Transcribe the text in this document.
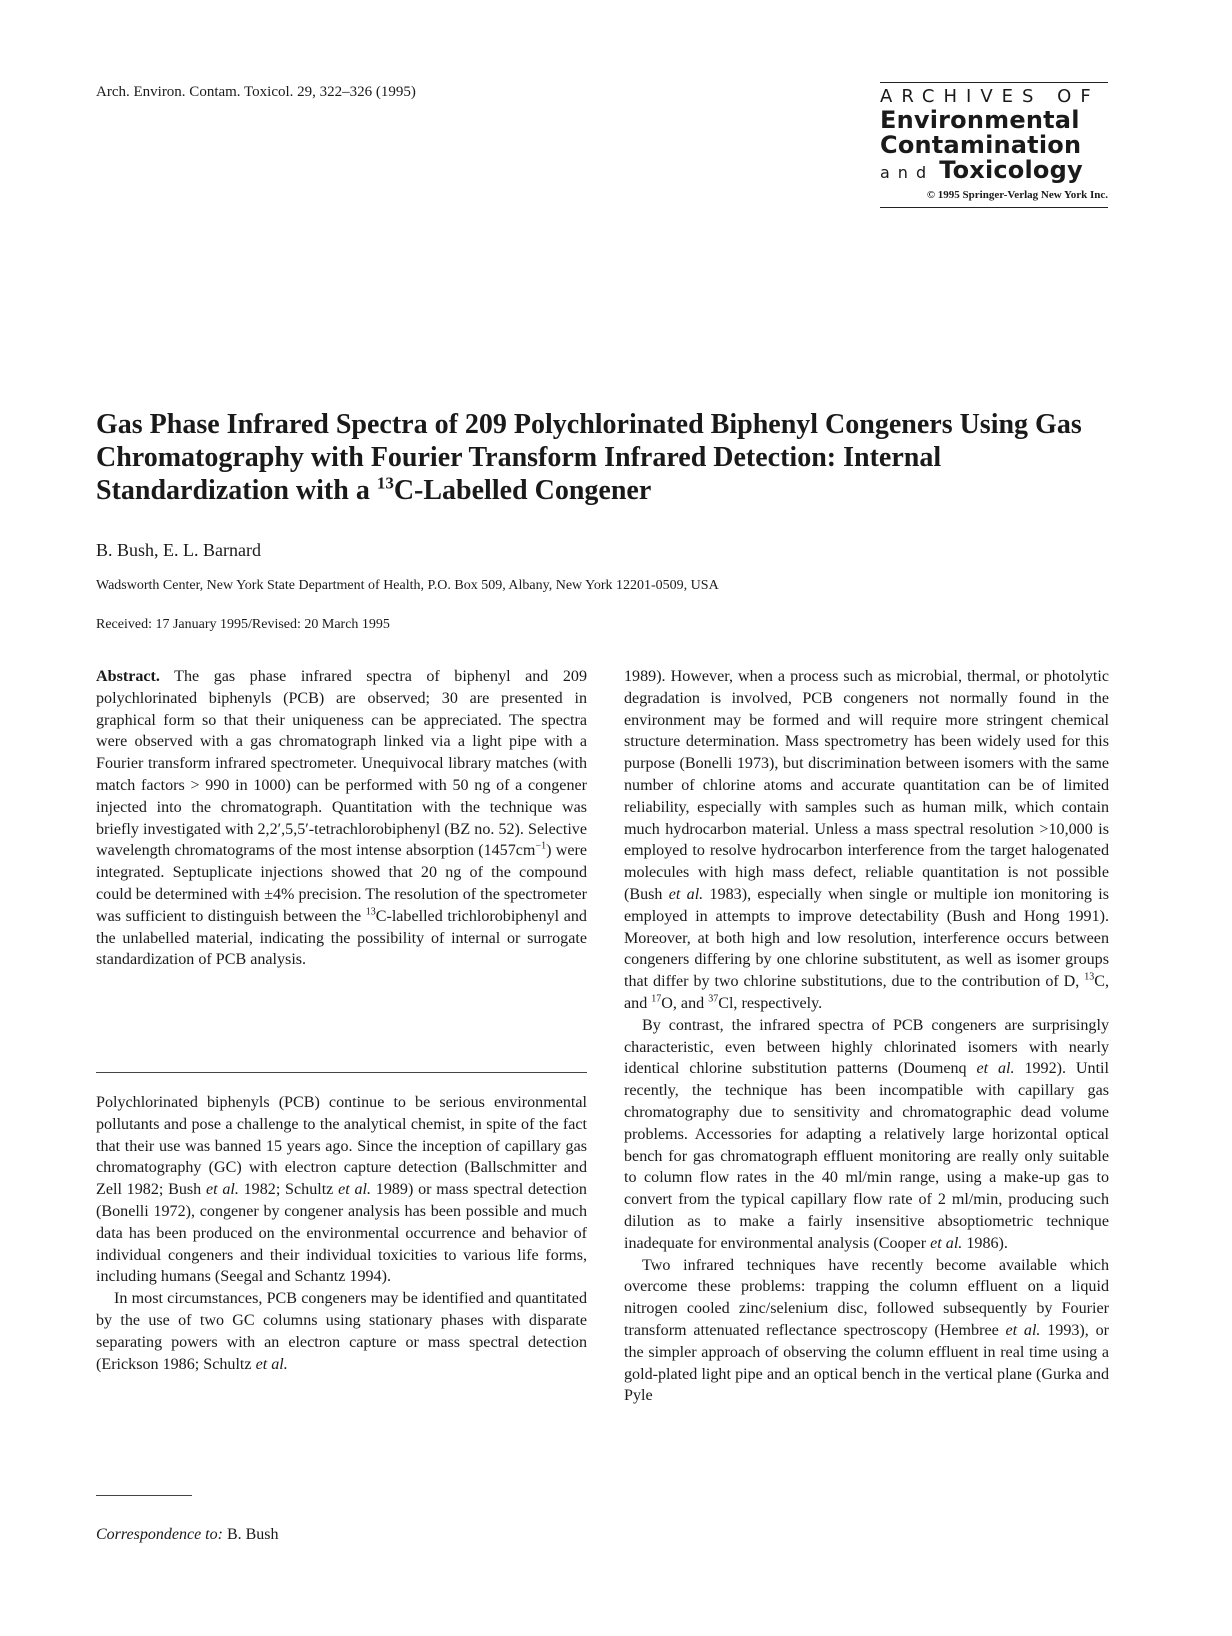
Arch. Environ. Contam. Toxicol. 29, 322–326 (1995)	ARCHIVES OF
Environmental
Contamination
and Toxicology
© 1995 Springer-Verlag New York Inc.
Gas Phase Infrared Spectra of 209 Polychlorinated Biphenyl Congeners Using Gas Chromatography with Fourier Transform Infrared Detection: Internal Standardization with a $^{13}$C-Labelled Congener
B. Bush, E. L. Barnard
Wadsworth Center, New York State Department of Health, P.O. Box 509, Albany, New York 12201-0509, USA
Received: 17 January 1995/Revised: 20 March 1995

Abstract. The gas phase infrared spectra of biphenyl and 209 polychlorinated biphenyls (PCB) are observed; 30 are presented in graphical form so that their uniqueness can be appreciated. The spectra were observed with a gas chromatograph linked via a light pipe with a Fourier transform infrared spectrometer. Unequivocal library matches (with match factors > 990 in 1000) can be performed with 50 ng of a congener injected into the chromatograph. Quantitation with the technique was briefly investigated with 2,2′,5,5′-tetrachlorobiphenyl (BZ no. 52). Selective wavelength chromatograms of the most intense absorption $(1457cm^{-1})$ were integrated. Septuplicate injections showed that 20 ng of the compound could be determined with ±4% precision. The resolution of the spectrometer was sufficient to distinguish between the $^{13}$C-labelled trichlorobiphenyl and the unlabelled material, indicating the possibility of internal or surrogate standardization of PCB analysis.

Polychlorinated biphenyls (PCB) continue to be serious environmental pollutants and pose a challenge to the analytical chemist, in spite of the fact that their use was banned 15 years ago. Since the inception of capillary gas chromatography (GC) with electron capture detection (Ballschmitter and Zell 1982; Bush et al. 1982; Schultz et al. 1989) or mass spectral detection (Bonelli 1972), congener by congener analysis has been possible and much data has been produced on the environmental occurrence and behavior of individual congeners and their individual toxicities to various life forms, including humans (Seegal and Schantz 1994).

In most circumstances, PCB congeners may be identified and quantitated by the use of two GC columns using stationary phases with disparate separating powers with an electron capture or mass spectral detection (Erickson 1986; Schultz et al.

1989). However, when a process such as microbial, thermal, or photolytic degradation is involved, PCB congeners not normally found in the environment may be formed and will require more stringent chemical structure determination. Mass spectrometry has been widely used for this purpose (Bonelli 1973), but discrimination between isomers with the same number of chlorine atoms and accurate quantitation can be of limited reliability, especially with samples such as human milk, which contain much hydrocarbon material. Unless a mass spectral resolution >10,000 is employed to resolve hydrocarbon interference from the target halogenated molecules with high mass defect, reliable quantitation is not possible (Bush et al. 1983), especially when single or multiple ion monitoring is employed in attempts to improve detectability (Bush and Hong 1991). Moreover, at both high and low resolution, interference occurs between congeners differing by one chlorine substitutent, as well as isomer groups that differ by two chlorine substitutions, due to the contribution of D, $^{13}$C, and $^{17}$O, and $^{37}$Cl, respectively.

By contrast, the infrared spectra of PCB congeners are surprisingly characteristic, even between highly chlorinated isomers with nearly identical chlorine substitution patterns (Doumenq et al. 1992). Until recently, the technique has been incompatible with capillary gas chromatography due to sensitivity and chromatographic dead volume problems. Accessories for adapting a relatively large horizontal optical bench for gas chromatograph effluent monitoring are really only suitable to column flow rates in the 40 ml/min range, using a make-up gas to convert from the typical capillary flow rate of 2 ml/min, producing such dilution as to make a fairly insensitive absoptiometric technique inadequate for environmental analysis (Cooper et al. 1986).

Two infrared techniques have recently become available which overcome these problems: trapping the column effluent on a liquid nitrogen cooled zinc/selenium disc, followed subsequently by Fourier transform attenuated reflectance spectroscopy (Hembree et al. 1993), or the simpler approach of observing the column effluent in real time using a gold-plated light pipe and an optical bench in the vertical plane (Gurka and Pyle

Correspondence to: B. Bush
